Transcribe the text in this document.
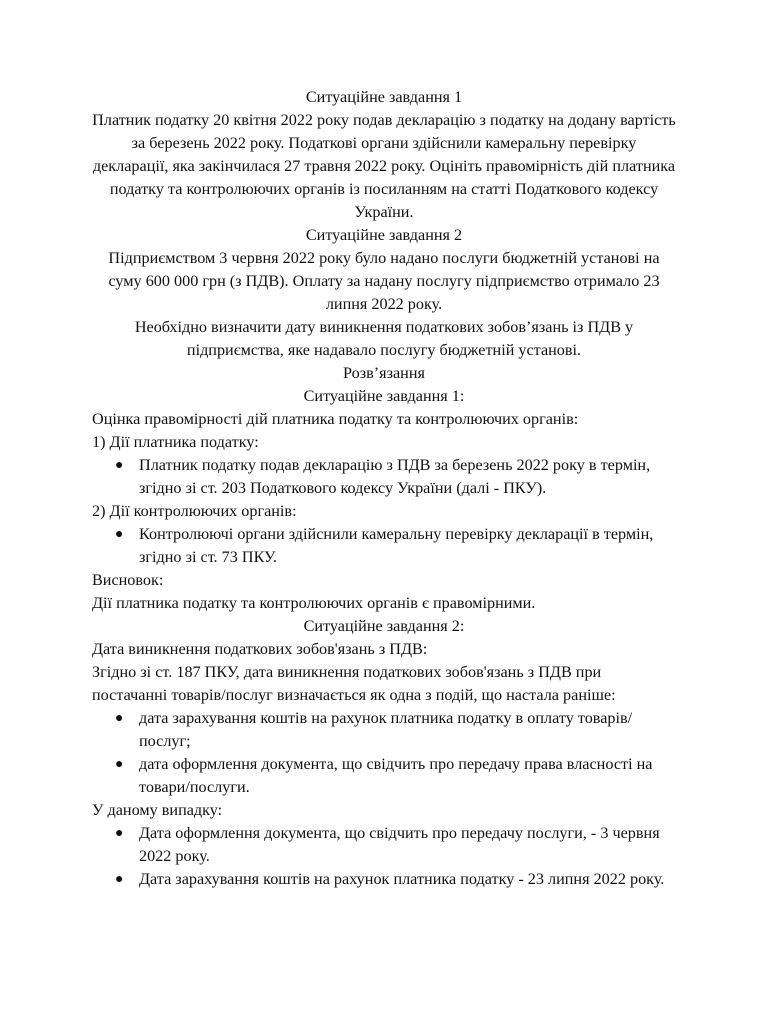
Ситуаційне завдання 1

Платник податку 20 квітня 2022 року подав декларацію з податку на додану вартість за березень 2022 року. Податкові органи здійснили камеральну перевірку декларації, яка закінчилася 27 травня 2022 року. Оцініть правомірність дій платника податку та контролюючих органів із посиланням на статті Податкового кодексу України.

Ситуаційне завдання 2

Підприємством 3 червня 2022 року було надано послуги бюджетній установі на суму 600 000 грн (з ПДВ). Оплату за надану послугу підприємство отримало 23 липня 2022 року.

Необхідно визначити дату виникнення податкових зобов’язань із ПДВ у підприємства, яке надавало послугу бюджетній установі.

Розв’язання

Ситуаційне завдання 1:

Оцінка правомірності дій платника податку та контролюючих органів:

1) Дії платника податку:

● Платник податку подав декларацію з ПДВ за березень 2022 року в термін, згідно зі ст. 203 Податкового кодексу України (далі - ПКУ).

2) Дії контролюючих органів:

● Контролюючі органи здійснили камеральну перевірку декларації в термін, згідно зі ст. 73 ПКУ.

Висновок:

Дії платника податку та контролюючих органів є правомірними.

Ситуаційне завдання 2:

Дата виникнення податкових зобов'язань з ПДВ:

Згідно зі ст. 187 ПКУ, дата виникнення податкових зобов'язань з ПДВ при постачанні товарів/послуг визначається як одна з подій, що настала раніше:

● дата зарахування коштів на рахунок платника податку в оплату товарів/послуг;
● дата оформлення документа, що свідчить про передачу права власності на товари/послуги.

У даному випадку:

● Дата оформлення документа, що свідчить про передачу послуги, - 3 червня 2022 року.
● Дата зарахування коштів на рахунок платника податку - 23 липня 2022 року.
